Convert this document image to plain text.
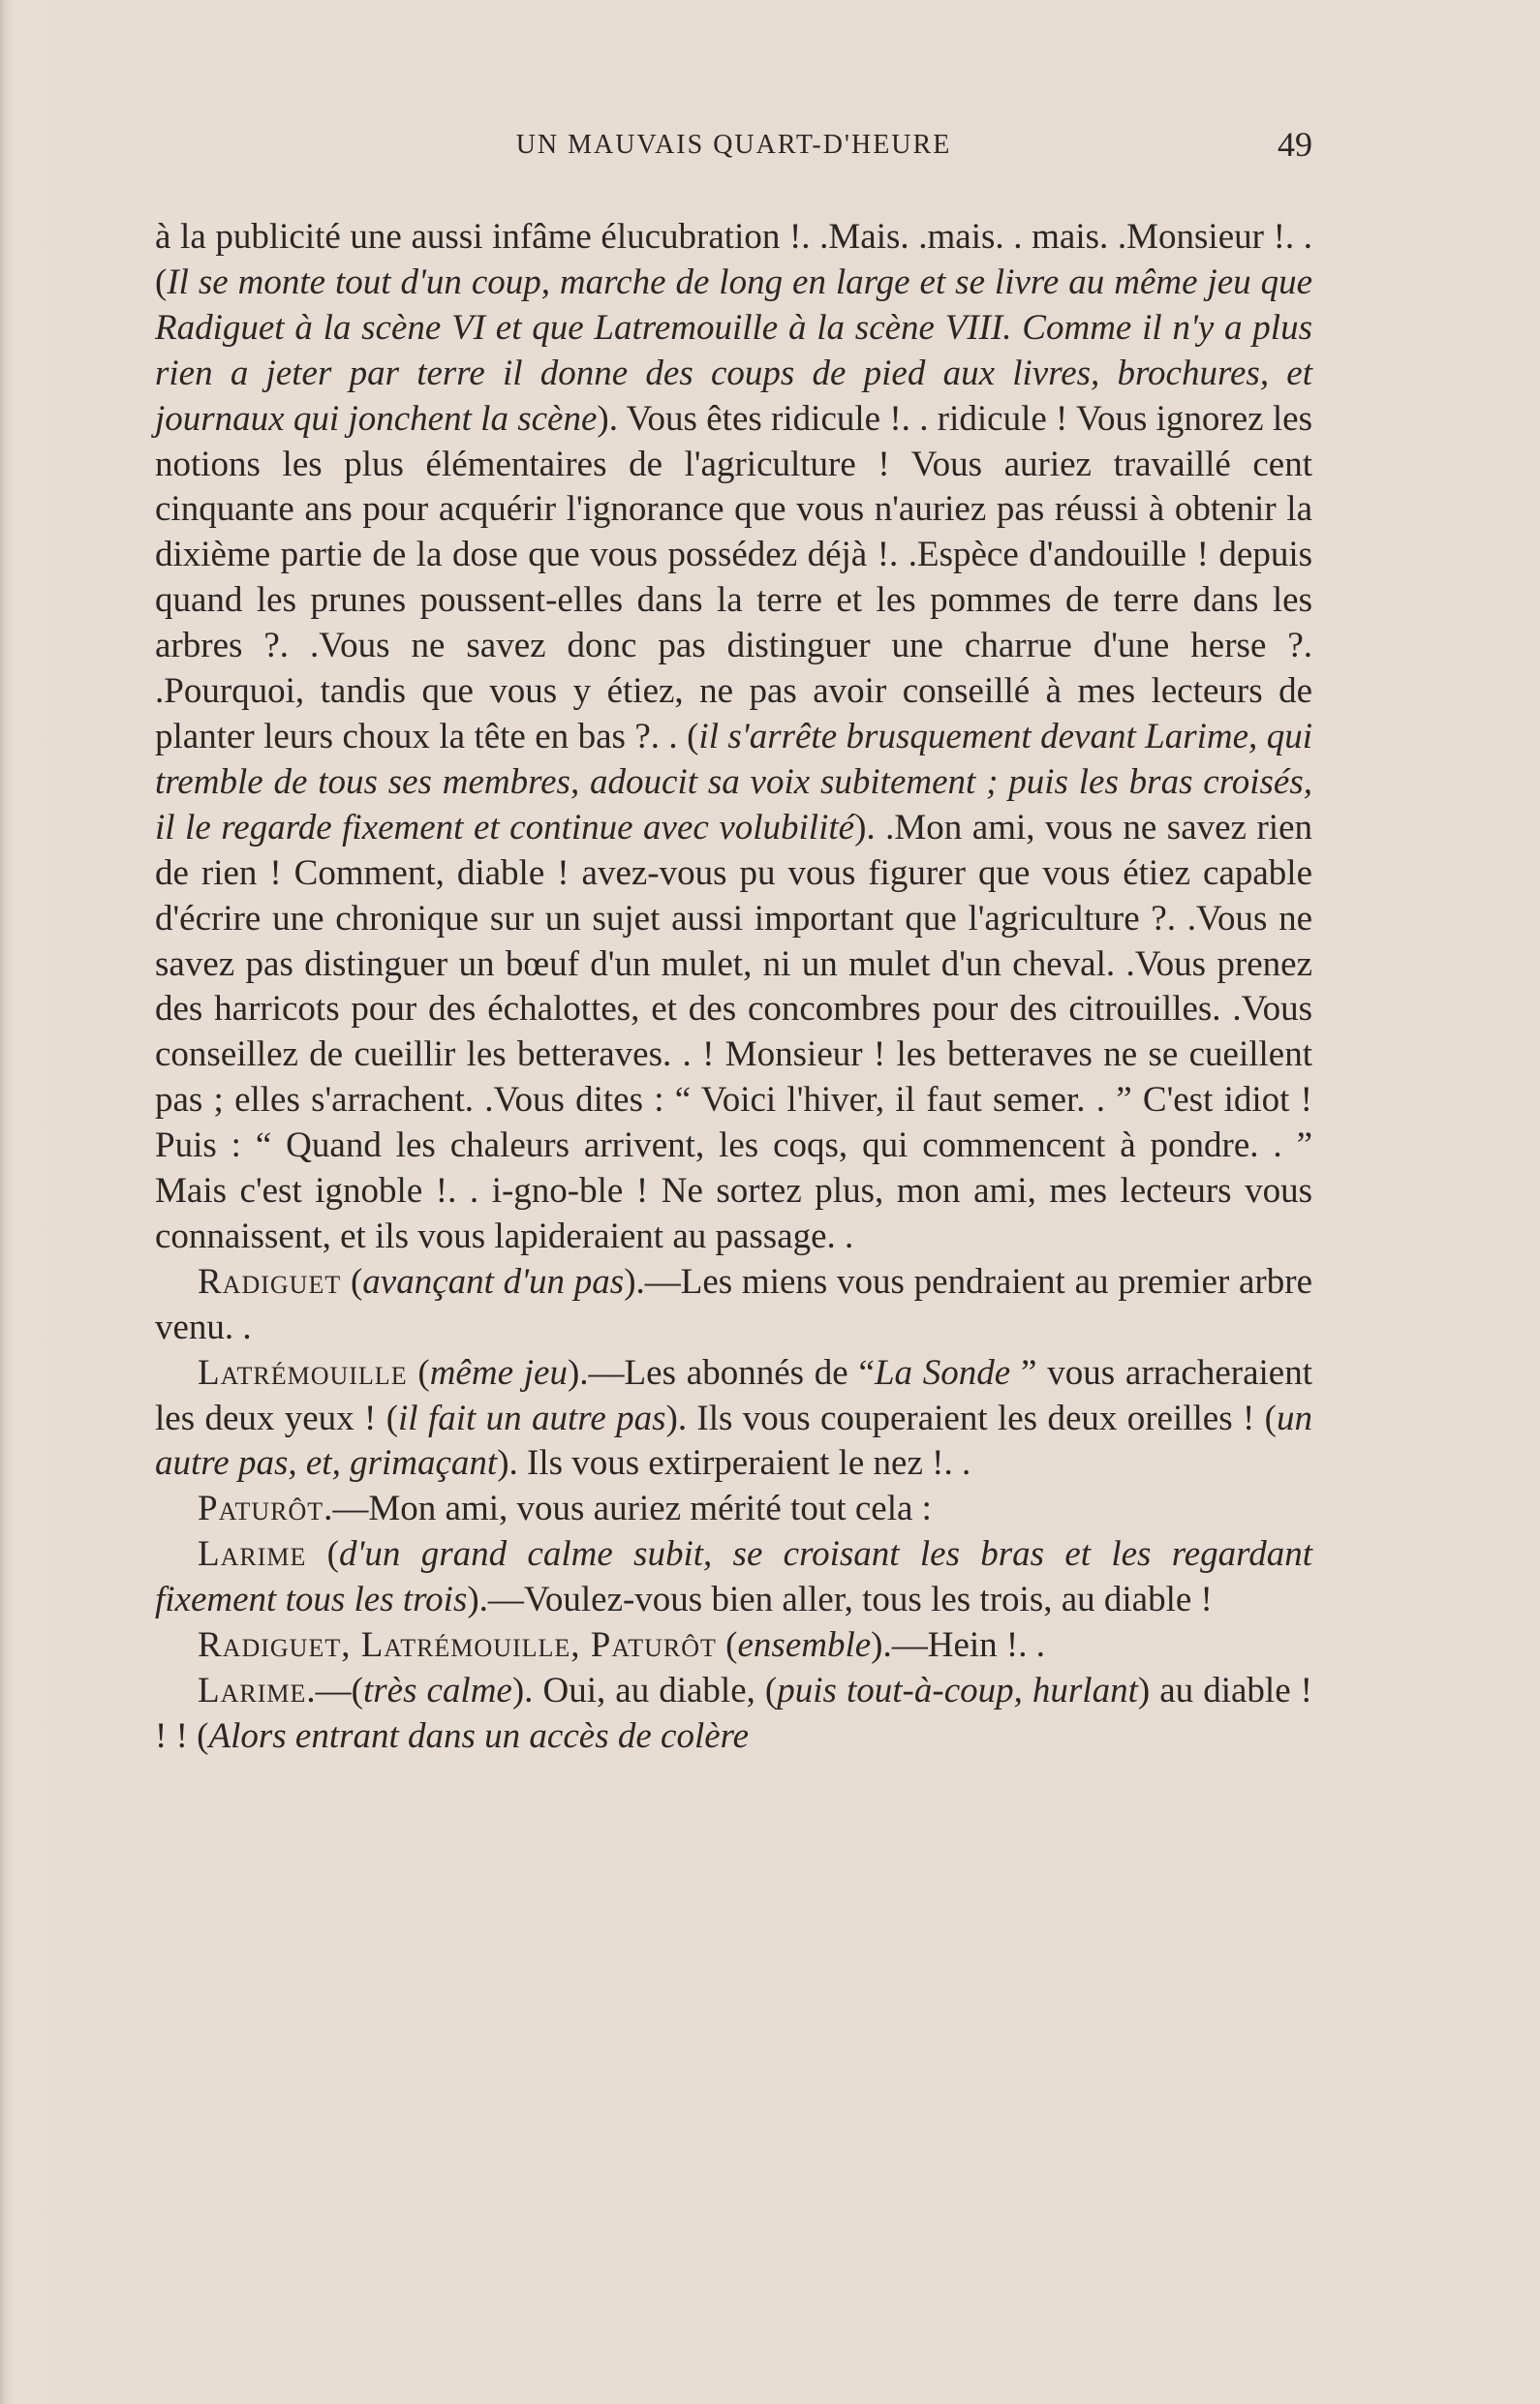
UN MAUVAIS QUART-D'HEURE	49

à la publicité une aussi infâme élucubration !. .Mais. .mais. . mais. .Monsieur !. . (Il se monte tout d'un coup, marche de long en large et se livre au même jeu que Radiguet à la scène VI et que Latremouille à la scène VIII. Comme il n'y a plus rien a jeter par terre il donne des coups de pied aux livres, brochures, et journaux qui jonchent la scène). Vous êtes ridicule !. . ridicule ! Vous ignorez les notions les plus élémentaires de l'agriculture ! Vous auriez travaillé cent cinquante ans pour acquérir l'ignorance que vous n'auriez pas réussi à obtenir la dixième partie de la dose que vous possédez déjà !. .Espèce d'andouille ! depuis quand les prunes poussent-elles dans la terre et les pommes de terre dans les arbres ?. .Vous ne savez donc pas distinguer une charrue d'une herse ?. .Pourquoi, tandis que vous y étiez, ne pas avoir conseillé à mes lecteurs de planter leurs choux la tête en bas ?. . (il s'arrête brusquement devant Larime, qui tremble de tous ses membres, adoucit sa voix subitement ; puis les bras croisés, il le regarde fixement et continue avec volubilité). .Mon ami, vous ne savez rien de rien ! Comment, diable ! avez-vous pu vous figurer que vous étiez capable d'écrire une chronique sur un sujet aussi important que l'agriculture ?. .Vous ne savez pas distinguer un bœuf d'un mulet, ni un mulet d'un cheval. .Vous prenez des harricots pour des échalottes, et des concombres pour des citrouilles. .Vous conseillez de cueillir les betteraves. . ! Monsieur ! les betteraves ne se cueillent pas ; elles s'arrachent. .Vous dites : “ Voici l'hiver, il faut semer. . ” C'est idiot ! Puis : “ Quand les chaleurs arrivent, les coqs, qui commencent à pondre. . ” Mais c'est ignoble !. . i-gno-ble ! Ne sortez plus, mon ami, mes lecteurs vous connaissent, et ils vous lapideraient au passage. .

Radiguet (avançant d'un pas).—Les miens vous pendraient au premier arbre venu. .

Latrémouille (même jeu).—Les abonnés de “La Sonde ” vous arracheraient les deux yeux ! (il fait un autre pas). Ils vous couperaient les deux oreilles ! (un autre pas, et, grimaçant). Ils vous extirperaient le nez !. .

Paturôt.—Mon ami, vous auriez mérité tout cela :

Larime (d'un grand calme subit, se croisant les bras et les regardant fixement tous les trois).—Voulez-vous bien aller, tous les trois, au diable !

Radiguet, Latrémouille, Paturôt (ensemble).—Hein !. .

Larime.—(très calme). Oui, au diable, (puis tout-à-coup, hurlant) au diable ! ! ! (Alors entrant dans un accès de colère
